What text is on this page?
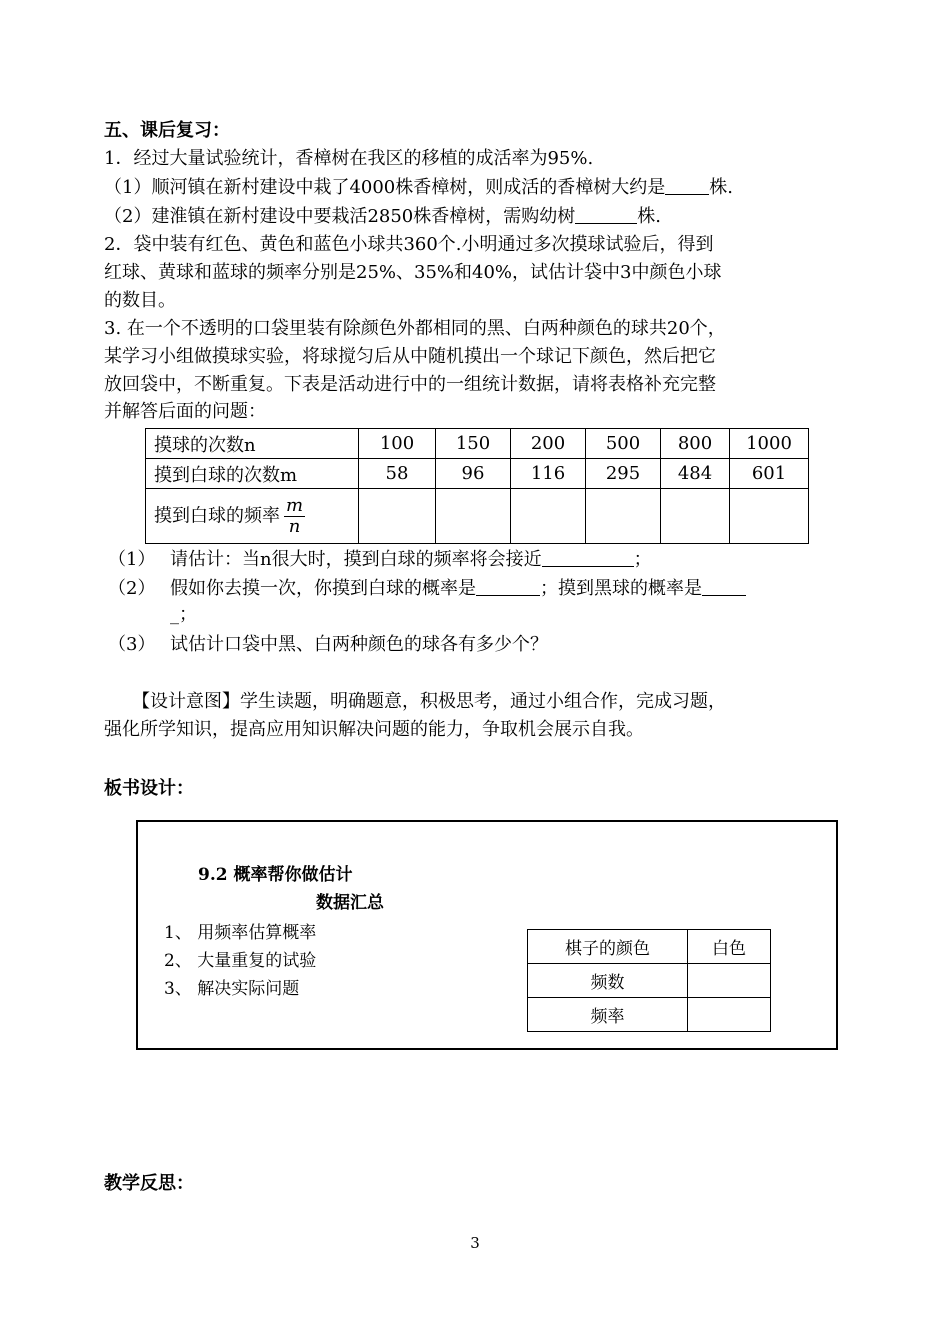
五、课后复习：
1．经过大量试验统计，香樟树在我区的移植的成活率为95%.
（1）顺河镇在新村建设中栽了4000株香樟树，则成活的香樟树大约是 株.
（2）建淮镇在新村建设中要栽活2850株香樟树，需购幼树	株.
2．袋中装有红色、黄色和蓝色小球共360个.小明通过多次摸球试验后，得到
红球、黄球和蓝球的频率分别是25%、35%和40%，试估计袋中3中颜色小球
的数目。
3. 在一个不透明的口袋里装有除颜色外都相同的黑、白两种颜色的球共20个，
某学习小组做摸球实验，将球搅匀后从中随机摸出一个球记下颜色，然后把它
放回袋中，不断重复。下表是活动进行中的一组统计数据，请将表格补充完整
并解答后面的问题：
摸球的次数n	100	150	200	500	800	1000
摸到白球的次数m	58	96	116	295	484	601
摸到白球的频率 $\frac{m}{n}$

（1） 请估计：当n很大时，摸到白球的频率将会接近	；
（2） 假如你去摸一次，你摸到白球的概率是	；摸到黑球的概率是
_；
（3） 试估计口袋中黑、白两种颜色的球各有多少个？
【设计意图】学生读题，明确题意，积极思考，通过小组合作，完成习题，
强化所学知识，提高应用知识解决问题的能力，争取机会展示自我。
板书设计：
9.2 概率帮你做估计
数据汇总
1、 用频率估算概率
2、 大量重复的试验
3、 解决实际问题
棋子的颜色	白色
频数	
频率	
教学反思：
3
